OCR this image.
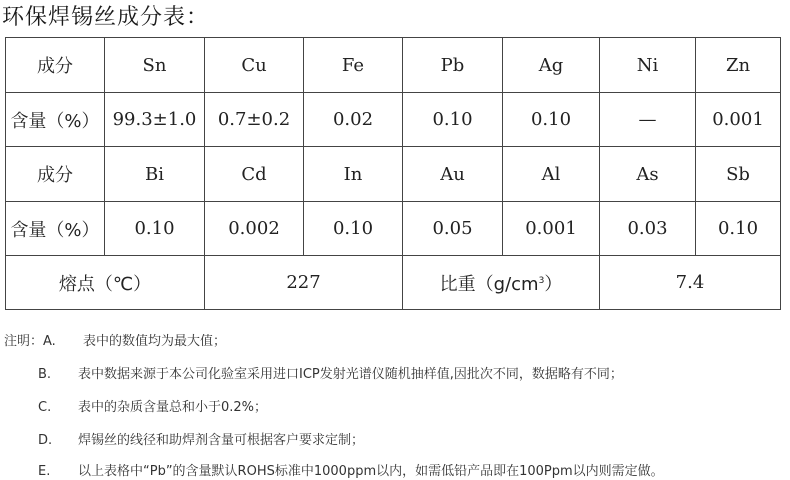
环保焊锡丝成分表：
成分	Sn	Cu	Fe	Pb	Ag	Ni	Zn
含量（%）	99.3±1.0	0.7±0.2	0.02	0.10	0.10	—	0.001
成分	Bi	Cd	In	Au	Al	As	Sb
含量（%）	0.10	0.002	0.10	0.05	0.001	0.03	0.10
熔点（℃）		227		比重$(g/cm^3)$		7.4	
注明：A. 表中的数值均为最大值；
B. 表中数据来源于本公司化验室采用进口ICP发射光谱仪随机抽样值,因批次不同，数据略有不同；
C. 表中的杂质含量总和小于0.2%；
D. 焊锡丝的线径和助焊剂含量可根据客户要求定制；
E. 以上表格中“Pb”的含量默认ROHS标准中1000ppm以内，如需低铅产品即在100Ppm以内则需定做。
